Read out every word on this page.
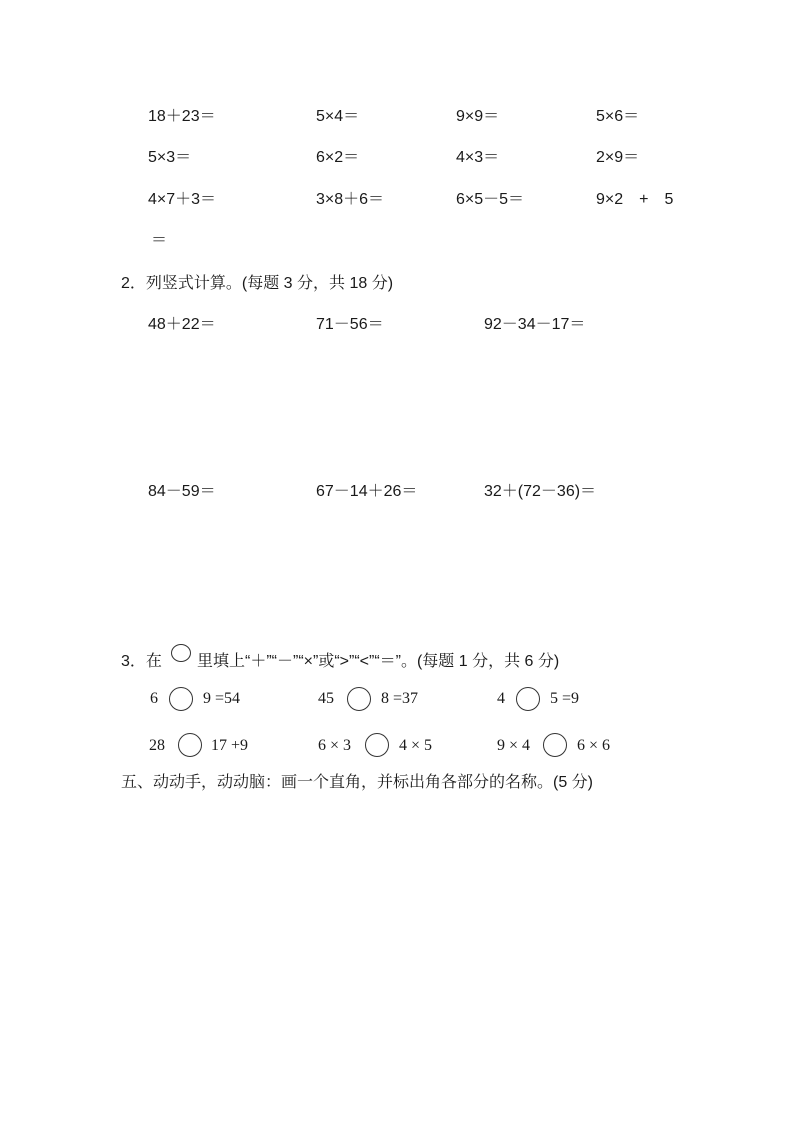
18＋23＝	5×4＝	9×9＝	5×6＝
5×3＝	6×2＝	4×3＝	2×9＝
4×7＋3＝	3×8＋6＝	6×5－5＝	9×2　+　5
＝
2．列竖式计算。(每题 3 分，共 18 分)
48＋22＝	71－56＝	92－34－17＝
84－59＝	67－14＋26＝	32＋(72－36)＝
3．在 里填上“＋”“－”“×”或“>”“<”“＝”。(每题 1 分，共 6 分)
6	9 =54	45	8 =37	4	5 =9
28	17 +9	6 × 3	4 × 5	9 × 4	6 × 6
五、动动手，动动脑：画一个直角，并标出角各部分的名称。(5 分)
